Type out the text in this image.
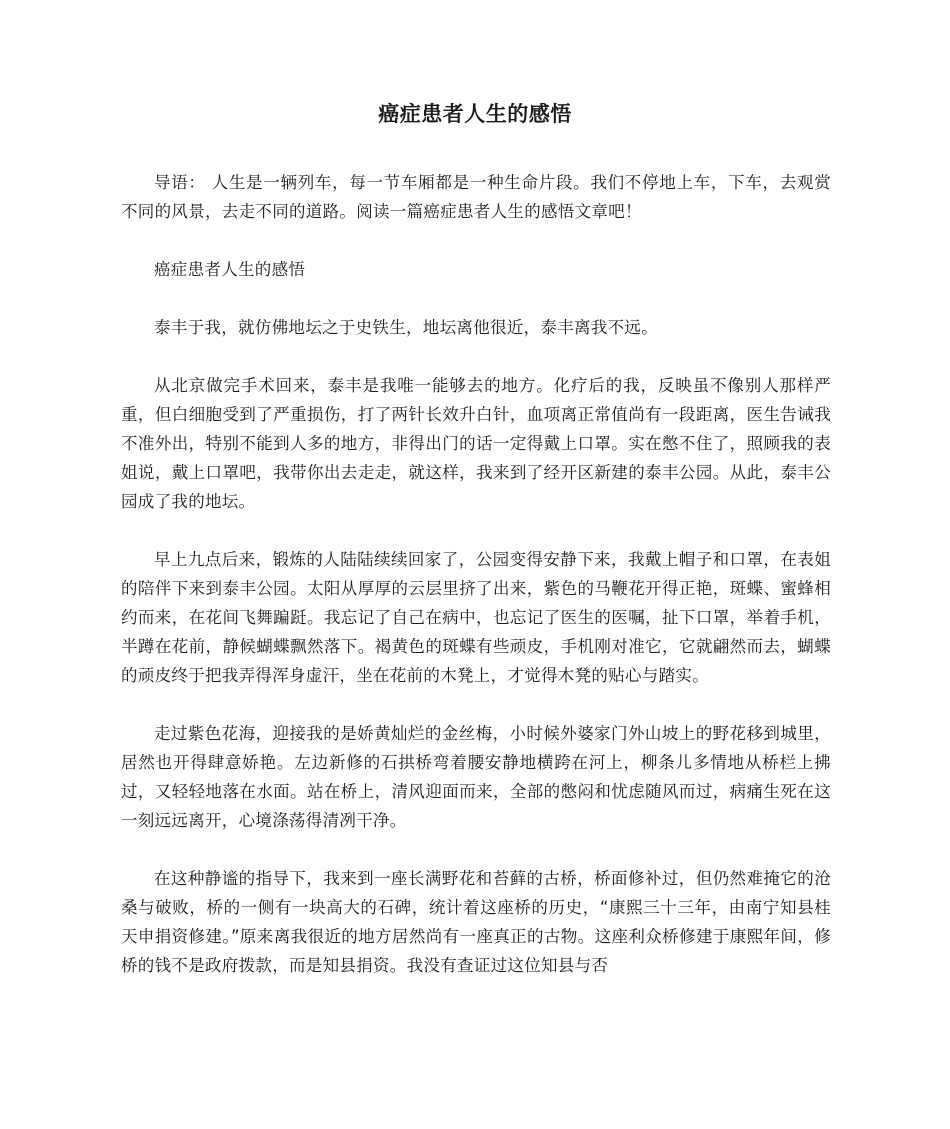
癌症患者人生的感悟

导语： 人生是一辆列车，每一节车厢都是一种生命片段。我们不停地上车，下车，去观赏不同的风景，去走不同的道路。阅读一篇癌症患者人生的感悟文章吧！

癌症患者人生的感悟

泰丰于我，就仿佛地坛之于史铁生，地坛离他很近，泰丰离我不远。

从北京做完手术回来，泰丰是我唯一能够去的地方。化疗后的我，反映虽不像别人那样严重，但白细胞受到了严重损伤，打了两针长效升白针，血项离正常值尚有一段距离，医生告诫我不准外出，特别不能到人多的地方，非得出门的话一定得戴上口罩。实在憋不住了，照顾我的表姐说，戴上口罩吧，我带你出去走走，就这样，我来到了经开区新建的泰丰公园。从此，泰丰公园成了我的地坛。

早上九点后来，锻炼的人陆陆续续回家了，公园变得安静下来，我戴上帽子和口罩，在表姐的陪伴下来到泰丰公园。太阳从厚厚的云层里挤了出来，紫色的马鞭花开得正艳，斑蝶、蜜蜂相约而来，在花间飞舞蹁跹。我忘记了自己在病中，也忘记了医生的医嘱，扯下口罩，举着手机，半蹲在花前，静候蝴蝶飘然落下。褐黄色的斑蝶有些顽皮，手机刚对准它，它就翩然而去，蝴蝶的顽皮终于把我弄得浑身虚汗，坐在花前的木凳上，才觉得木凳的贴心与踏实。

走过紫色花海，迎接我的是娇黄灿烂的金丝梅，小时候外婆家门外山坡上的野花移到城里，居然也开得肆意娇艳。左边新修的石拱桥弯着腰安静地横跨在河上，柳条儿多情地从桥栏上拂过，又轻轻地落在水面。站在桥上，清风迎面而来，全部的憋闷和忧虑随风而过，病痛生死在这一刻远远离开，心境涤荡得清冽干净。

在这种静谧的指导下，我来到一座长满野花和苔藓的古桥，桥面修补过，但仍然难掩它的沧桑与破败，桥的一侧有一块高大的石碑，统计着这座桥的历史，“康熙三十三年，由南宁知县桂天申捐资修建。”原来离我很近的地方居然尚有一座真正的古物。这座利众桥修建于康熙年间，修桥的钱不是政府拨款，而是知县捐资。我没有查证过这位知县与否
